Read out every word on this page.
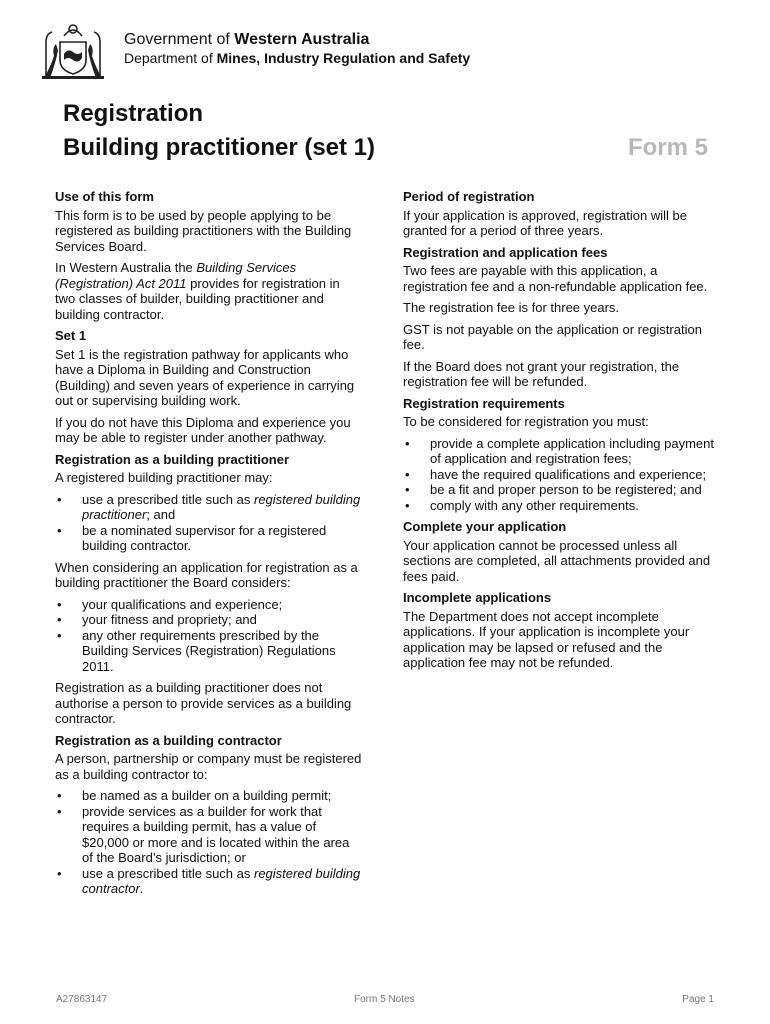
Government of Western Australia
Department of Mines, Industry Regulation and Safety
Registration
Building practitioner (set 1)	Form 5
Use of this form

This form is to be used by people applying to be registered as building practitioners with the Building Services Board.

In Western Australia the Building Services (Registration) Act 2011 provides for registration in two classes of builder, building practitioner and building contractor.

Set 1

Set 1 is the registration pathway for applicants who have a Diploma in Building and Construction (Building) and seven years of experience in carrying out or supervising building work.

If you do not have this Diploma and experience you may be able to register under another pathway.

Registration as a building practitioner

A registered building practitioner may:

• use a prescribed title such as registered building practitioner; and
• be a nominated supervisor for a registered building contractor.

When considering an application for registration as a building practitioner the Board considers:

• your qualifications and experience;
• your fitness and propriety; and
• any other requirements prescribed by the Building Services (Registration) Regulations 2011.

Registration as a building practitioner does not authorise a person to provide services as a building contractor.

Registration as a building contractor

A person, partnership or company must be registered as a building contractor to:

• be named as a builder on a building permit;
• provide services as a builder for work that requires a building permit, has a value of $20,000 or more and is located within the area of the Board’s jurisdiction; or
• use a prescribed title such as registered building contractor.
Period of registration

If your application is approved, registration will be granted for a period of three years.

Registration and application fees

Two fees are payable with this application, a registration fee and a non-refundable application fee.

The registration fee is for three years.

GST is not payable on the application or registration fee.

If the Board does not grant your registration, the registration fee will be refunded.

Registration requirements

To be considered for registration you must:

• provide a complete application including payment of application and registration fees;
• have the required qualifications and experience;
• be a fit and proper person to be registered; and
• comply with any other requirements.
Complete your application

Your application cannot be processed unless all sections are completed, all attachments provided and fees paid.

Incomplete applications

The Department does not accept incomplete applications. If your application is incomplete your application may be lapsed or refused and the application fee may not be refunded.

A27863147	Form 5 Notes	Page 1
